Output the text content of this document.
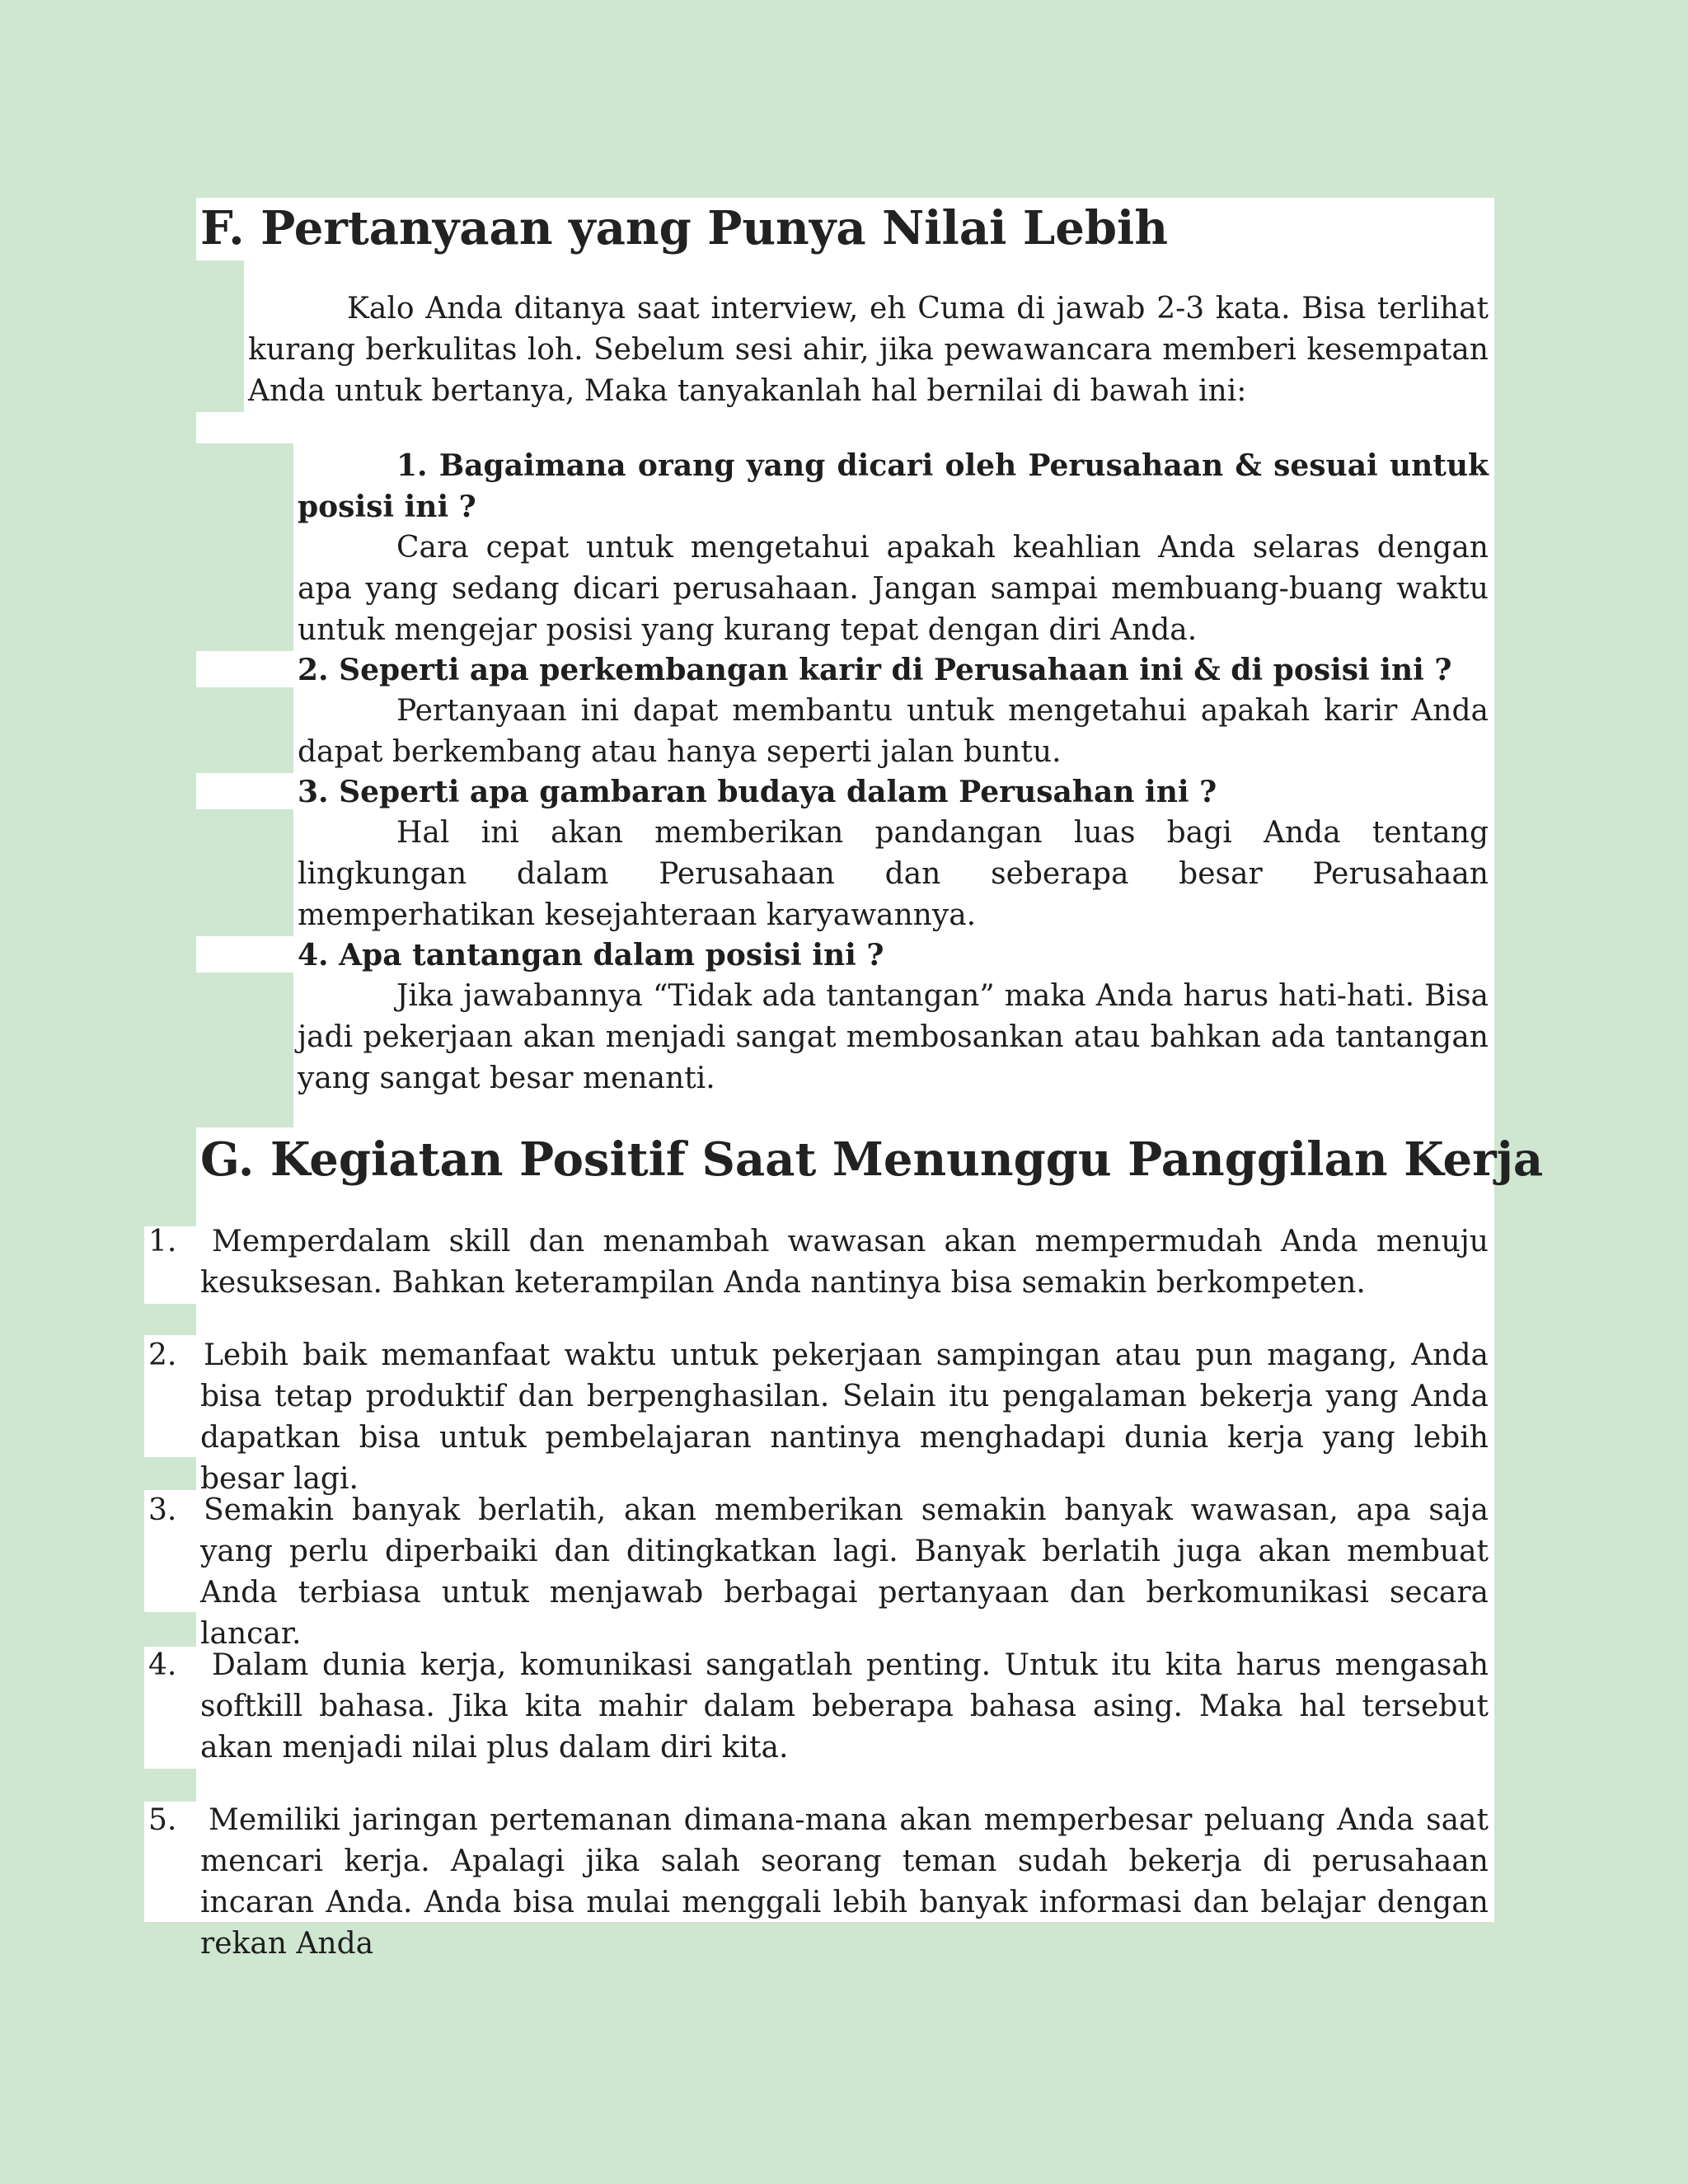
F. Pertanyaan yang Punya Nilai Lebih

Kalo Anda ditanya saat interview, eh Cuma di jawab 2-3 kata. Bisa terlihat kurang berkulitas loh. Sebelum sesi ahir, jika pewawancara memberi kesempatan Anda untuk bertanya, Maka tanyakanlah hal bernilai di bawah ini:

1. Bagaimana orang yang dicari oleh Perusahaan & sesuai untuk posisi ini ?

Cara cepat untuk mengetahui apakah keahlian Anda selaras dengan apa yang sedang dicari perusahaan. Jangan sampai membuang-buang waktu untuk mengejar posisi yang kurang tepat dengan diri Anda.

2. Seperti apa perkembangan karir di Perusahaan ini & di posisi ini ?

Pertanyaan ini dapat membantu untuk mengetahui apakah karir Anda dapat berkembang atau hanya seperti jalan buntu.

3. Seperti apa gambaran budaya dalam Perusahan ini ?

Hal ini akan memberikan pandangan luas bagi Anda tentang lingkungan dalam Perusahaan dan seberapa besar Perusahaan memperhatikan kesejahteraan karyawannya.

4. Apa tantangan dalam posisi ini ?

Jika jawabannya “Tidak ada tantangan” maka Anda harus hati-hati. Bisa jadi pekerjaan akan menjadi sangat membosankan atau bahkan ada tantangan yang sangat besar menanti.

G. Kegiatan Positif Saat Menunggu Panggilan Kerja

1.	Memperdalam skill dan menambah wawasan akan mempermudah Anda menuju kesuksesan. Bahkan keterampilan Anda nantinya bisa semakin berkompeten.

2. Lebih baik memanfaat waktu untuk pekerjaan sampingan atau pun magang, Anda bisa tetap produktif dan berpenghasilan. Selain itu pengalaman bekerja yang Anda dapatkan bisa untuk pembelajaran nantinya menghadapi dunia kerja yang lebih besar lagi.

3. Semakin banyak berlatih, akan memberikan semakin banyak wawasan, apa saja yang perlu diperbaiki dan ditingkatkan lagi. Banyak berlatih juga akan membuat Anda terbiasa untuk menjawab berbagai pertanyaan dan berkomunikasi secara lancar.

4.	Dalam dunia kerja, komunikasi sangatlah penting. Untuk itu kita harus mengasah softkill bahasa. Jika kita mahir dalam beberapa bahasa asing. Maka hal tersebut akan menjadi nilai plus dalam diri kita.

5. Memiliki jaringan pertemanan dimana-mana akan memperbesar peluang Anda saat mencari kerja. Apalagi jika salah seorang teman sudah bekerja di perusahaan incaran Anda. Anda bisa mulai menggali lebih banyak informasi dan belajar dengan rekan Anda
